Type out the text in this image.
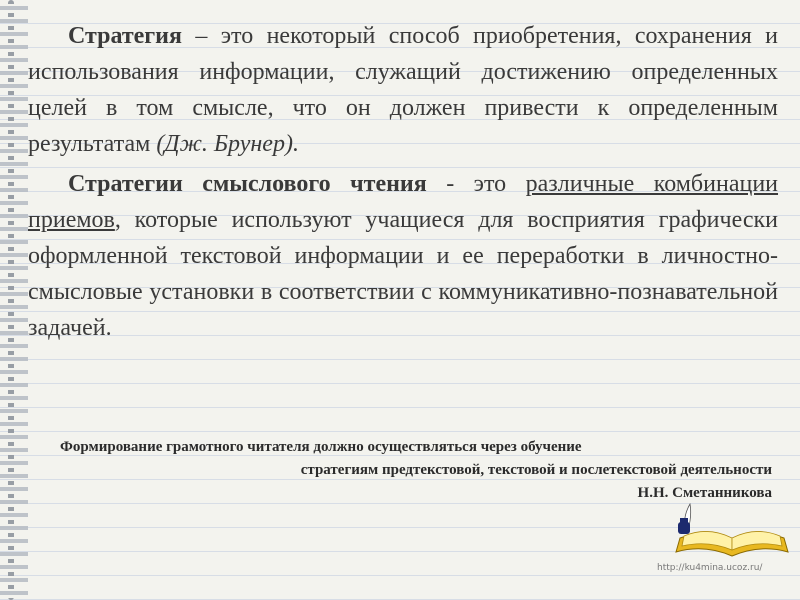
Стратегия – это некоторый способ приобретения, сохранения и использования информации, служащий достижению определенных целей в том смысле, что он должен привести к определенным результатам (Дж. Брунер).

Стратегии смыслового чтения - это различные комбинации приемов, которые используют учащиеся для восприятия графически оформленной текстовой информации и ее переработки в личностно-смысловые установки в соответствии с коммуникативно-познавательной задачей.

Формирование грамотного читателя должно осуществляться через обучение
стратегиям предтекстовой, текстовой и послетекстовой деятельности
Н.Н. Сметанникова
http://ku4mina.ucoz.ru/
